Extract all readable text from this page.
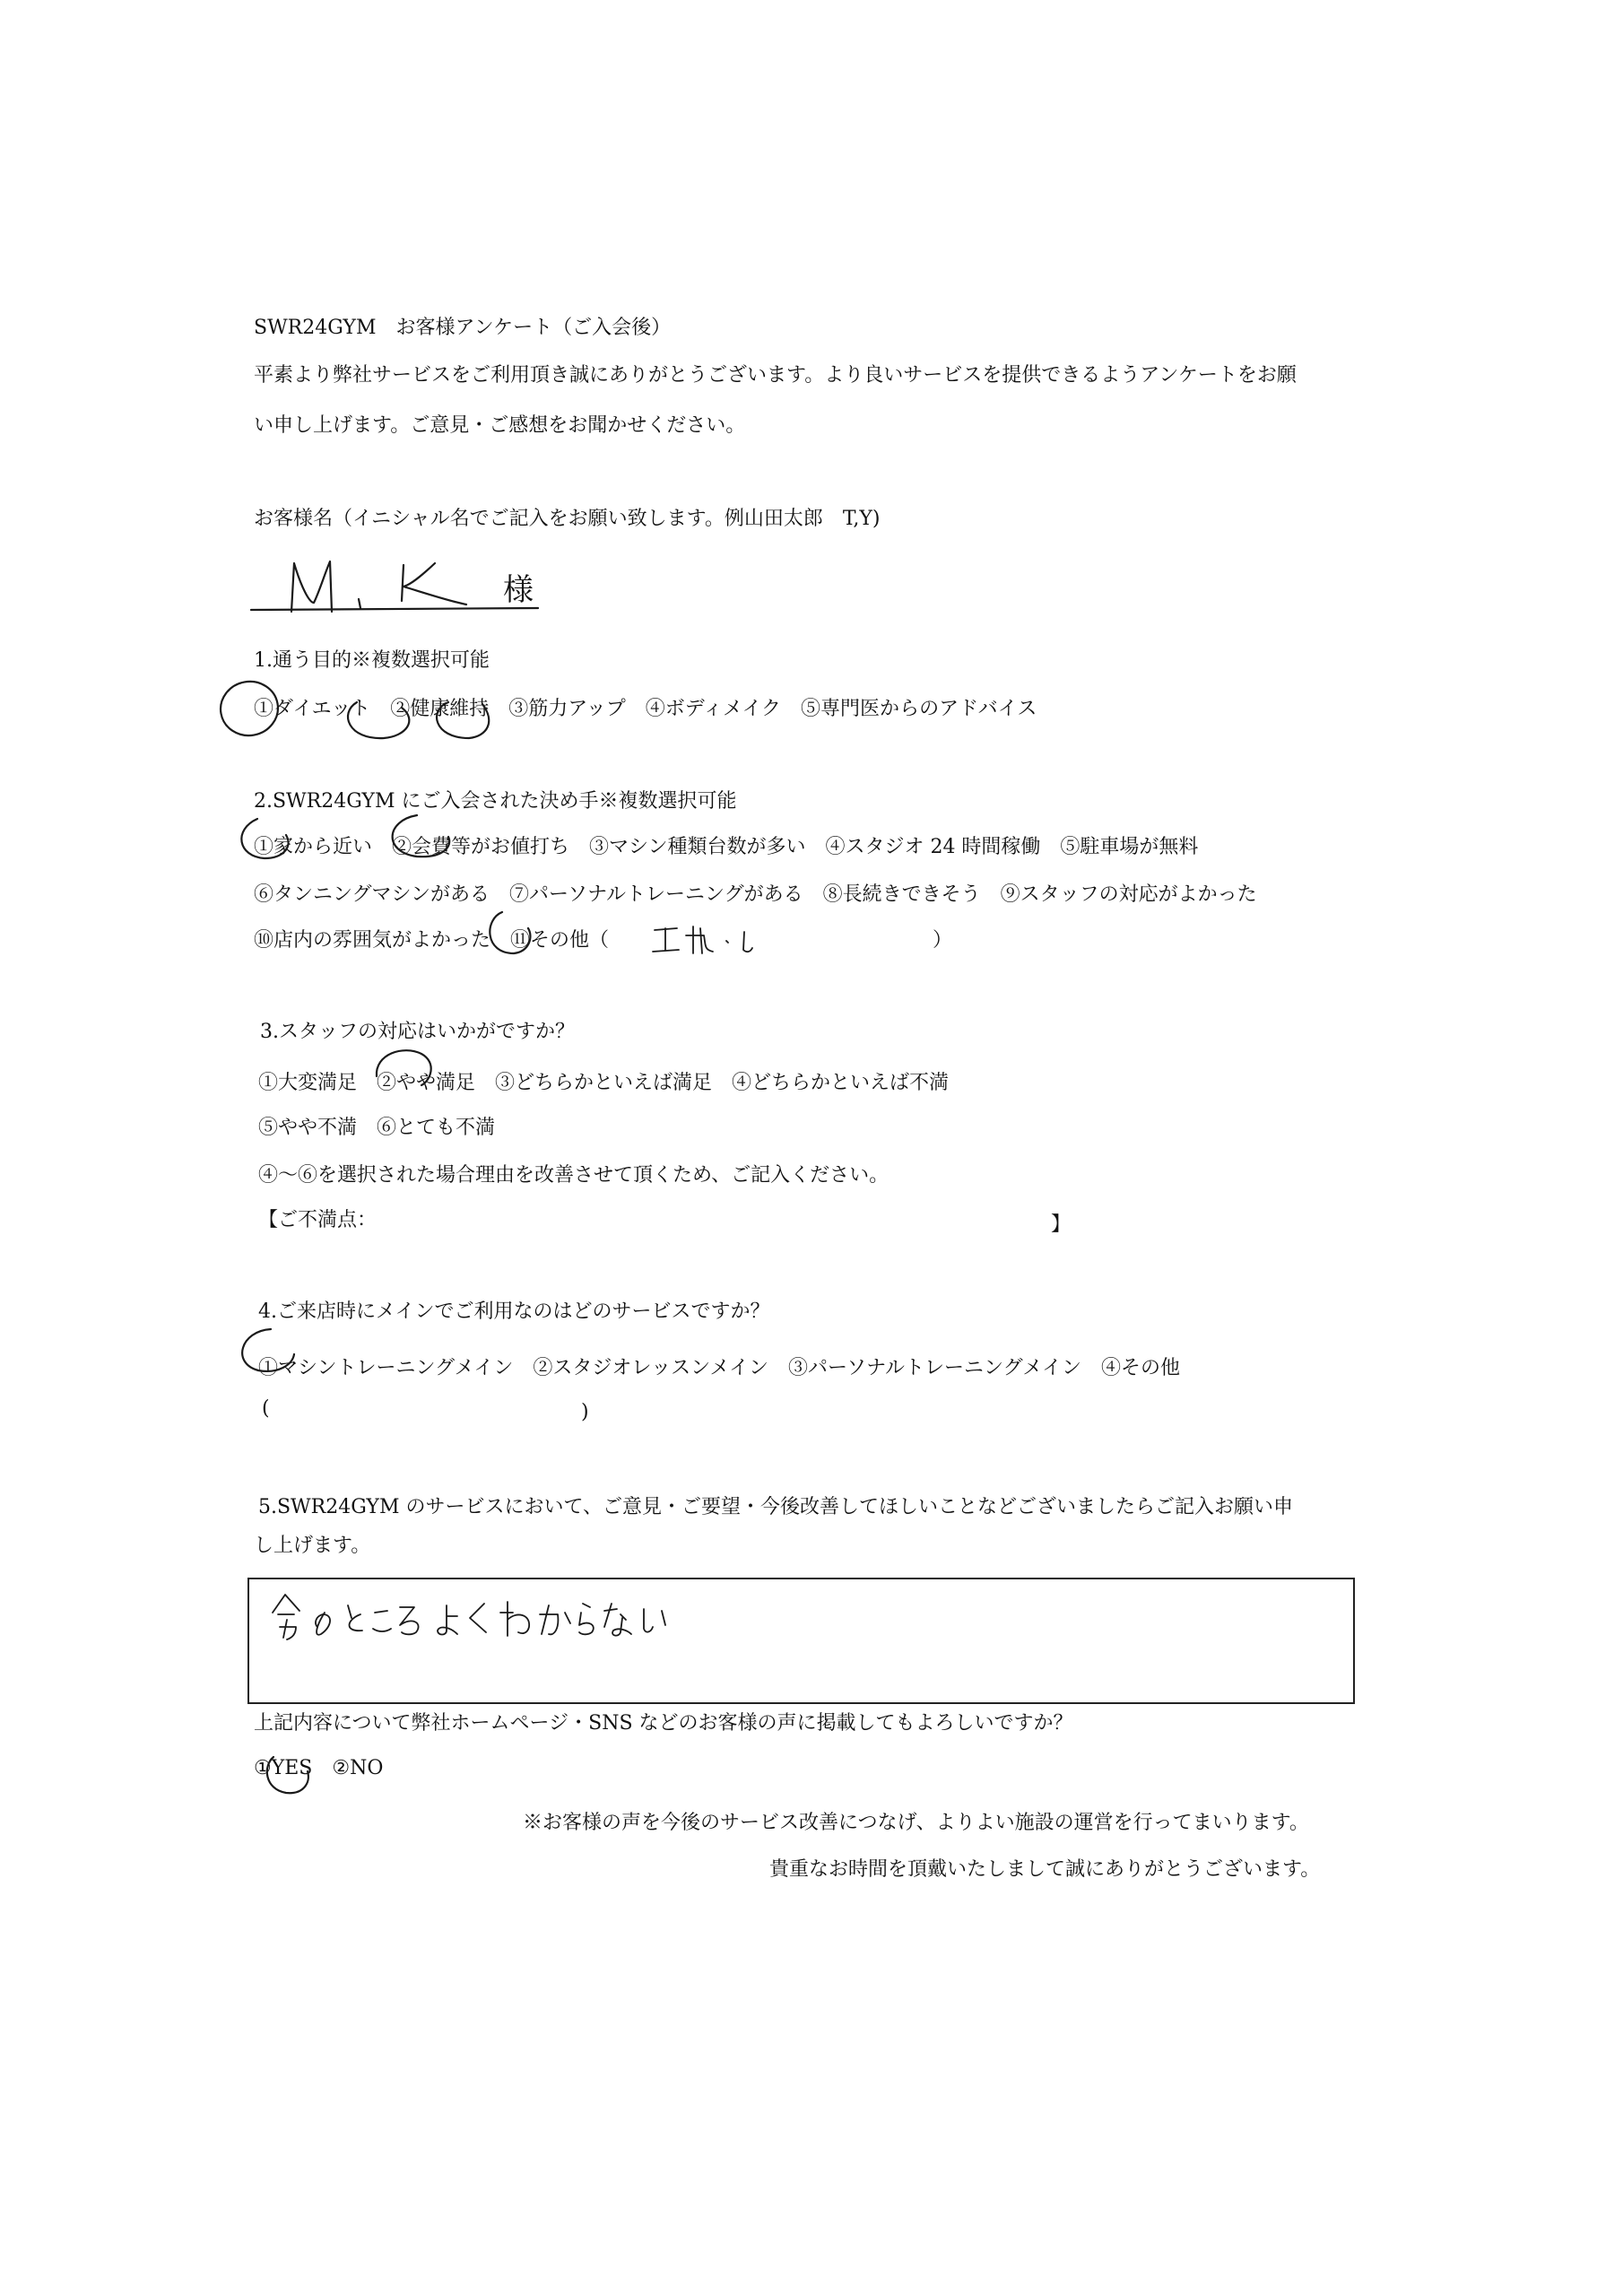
SWR24GYM　お客様アンケート（ご入会後）
平素より弊社サービスをご利用頂き誠にありがとうございます。より良いサービスを提供できるようアンケートをお願
い申し上げます。ご意見・ご感想をお聞かせください。
お客様名（イニシャル名でご記入をお願い致します。例山田太郎　T,Y)
様
1.通う目的※複数選択可能
①ダイエット　②健康維持　③筋力アップ　④ボディメイク　⑤専門医からのアドバイス
2.SWR24GYM にご入会された決め手※複数選択可能
①家から近い　②会費等がお値打ち　③マシン種類台数が多い　④スタジオ 24 時間稼働　⑤駐車場が無料
⑥タンニングマシンがある　⑦パーソナルトレーニングがある　⑧長続きできそう　⑨スタッフの対応がよかった
⑩店内の雰囲気がよかった　⑪その他（	）
3.スタッフの対応はいかがですか？
①大変満足　②やや満足　③どちらかといえば満足　④どちらかといえば不満
⑤やや不満　⑥とても不満
④～⑥を選択された場合理由を改善させて頂くため、ご記入ください。
【ご不満点：	】
4.ご来店時にメインでご利用なのはどのサービスですか？
①マシントレーニングメイン　②スタジオレッスンメイン　③パーソナルトレーニングメイン　④その他
(	)
5.SWR24GYM のサービスにおいて、ご意見・ご要望・今後改善してほしいことなどございましたらご記入お願い申
し上げます。
上記内容について弊社ホームページ・SNS などのお客様の声に掲載してもよろしいですか？
①YES　②NO
※お客様の声を今後のサービス改善につなげ、よりよい施設の運営を行ってまいります。
貴重なお時間を頂戴いたしまして誠にありがとうございます。
